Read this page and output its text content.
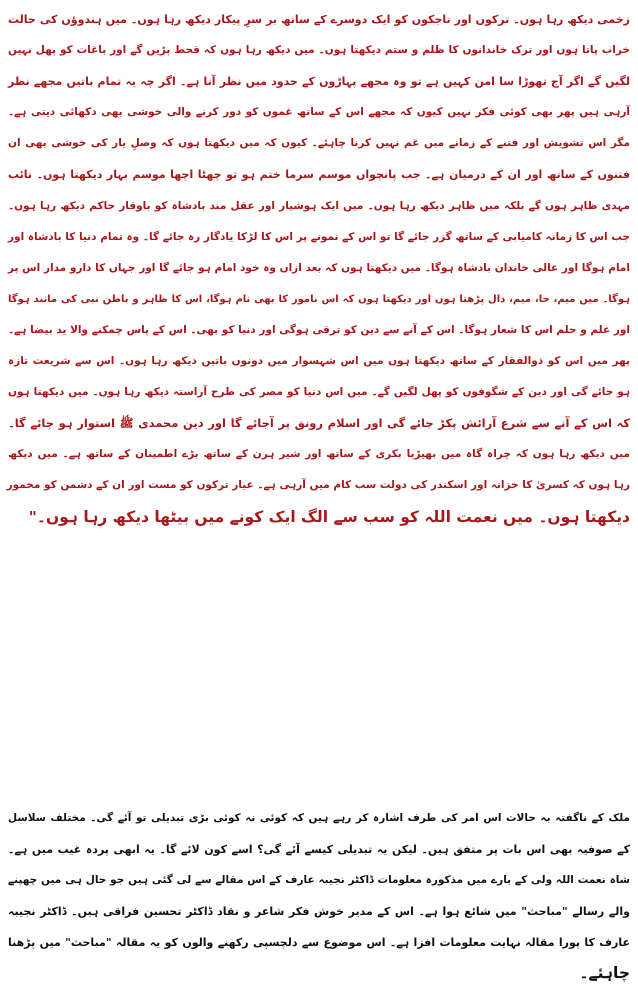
زخمی دیکھ رہا ہوں۔ ترکوں اور تاجکوں کو ایک دوسرے کے ساتھ بر سرِ پیکار دیکھ رہا ہوں۔ میں ہندوؤں کی حالت
خراب پاتا ہوں اور ترک خاندانوں کا ظلم و ستم دیکھتا ہوں۔ میں دیکھ رہا ہوں کہ قحط پڑیں گے اور باغات کو پھل نہیں
لگیں گے اگر آج تھوڑا سا امن کہیں ہے تو وہ مجھے پہاڑوں کے حدود میں نظر آتا ہے۔ اگر چہ یہ تمام باتیں مجھے نظر
آرہی ہیں پھر بھی کوئی فکر نہیں کیوں کہ مجھے اس کے ساتھ غموں کو دور کرنے والی خوشی بھی دکھائی دیتی ہے۔
مگر اس تشویش اور فتنے کے زمانے میں غم نہیں کرنا چاہئے۔ کیوں کہ میں دیکھتا ہوں کہ وصلِ یار کی خوشی بھی ان
فتنوں کے ساتھ اور ان کے درمیان ہے۔ جب پانچواں موسم سرما ختم ہو تو چھٹا اچھا موسم بہار دیکھتا ہوں۔ نائب
مہدی ظاہر ہوں گے بلکہ میں ظاہر دیکھ رہا ہوں۔ میں ایک ہوشیار اور عقل مند بادشاہ کو باوقار حاکم دیکھ رہا ہوں۔
جب اس کا زمانہ کامیابی کے ساتھ گزر جائے گا تو اس کے نمونے پر اس کا لڑکا یادگار رہ جائے گا۔ وہ تمام دنیا کا بادشاہ اور
امام ہوگا اور عالی خاندان بادشاہ ہوگا۔ میں دیکھتا ہوں کہ بعد ازاں وہ خود امام ہو جائے گا اور جہاں کا دارو مدار اس پر
ہوگا۔ میں میم، حا، میم، دال پڑھتا ہوں اور دیکھتا ہوں کہ اس نامور کا بھی نام ہوگا، اس کا ظاہر و باطن نبی کی مانند ہوگا
اور علم و حلم اس کا شعار ہوگا۔ اس کے آنے سے دین کو ترقی ہوگی اور دنیا کو بھی۔ اس کے پاس چمکنے والا ید بیضا ہے۔
پھر میں اس کو ذوالفقار کے ساتھ دیکھتا ہوں میں اس شہسوار میں دونوں باتیں دیکھ رہا ہوں۔ اس سے شریعت تازہ
ہو جائے گی اور دین کے شگوفوں کو پھل لگیں گے۔ میں اس دنیا کو مصر کی طرح آراستہ دیکھ رہا ہوں۔ میں دیکھتا ہوں
کہ اس کے آنے سے شرع آرائش پکڑ جائے گی اور اسلام رونق پر آجائے گا اور دین محمدی ﷺ استوار ہو جائے گا۔
میں دیکھ رہا ہوں کہ چراہ گاہ میں بھیڑیا بکری کے ساتھ اور شیر ہرن کے ساتھ بڑے اطمینان کے ساتھ ہے۔ میں دیکھ
رہا ہوں کہ کسریٰ کا خزانہ اور اسکندر کی دولت سب کام میں آرہی ہے۔ عیار ترکوں کو مست اور ان کے دشمن کو مخمور
دیکھتا ہوں۔ میں نعمت اللہ کو سب سے الگ ایک کونے میں بیٹھا دیکھ رہا ہوں۔"
ملک کے ناگفتہ بہ حالات اس امر کی طرف اشارہ کر رہے ہیں کہ کوئی نہ کوئی بڑی تبدیلی تو آئے گی۔ مختلف سلاسل
کے صوفیہ بھی اس بات پر متفق ہیں۔ لیکن یہ تبدیلی کیسے آئے گی؟ اسے کون لائے گا۔ یہ ابھی پردہ غیب میں ہے۔
شاہ نعمت اللہ ولی کے بارے میں مذکورہ معلومات ڈاکٹر نجیبہ عارف کے اس مقالے سے لی گئی ہیں جو حال ہی میں چھپنے
والے رسالے "مباحث" میں شائع ہوا ہے۔ اس کے مدیر خوش فکر شاعر و نقاد ڈاکٹر تحسین فراقی ہیں۔ ڈاکٹر نجیبہ
عارف کا پورا مقالہ نہایت معلومات افزا ہے۔ اس موضوع سے دلچسپی رکھنے والوں کو یہ مقالہ "مباحث" میں پڑھنا
چاہئے۔
